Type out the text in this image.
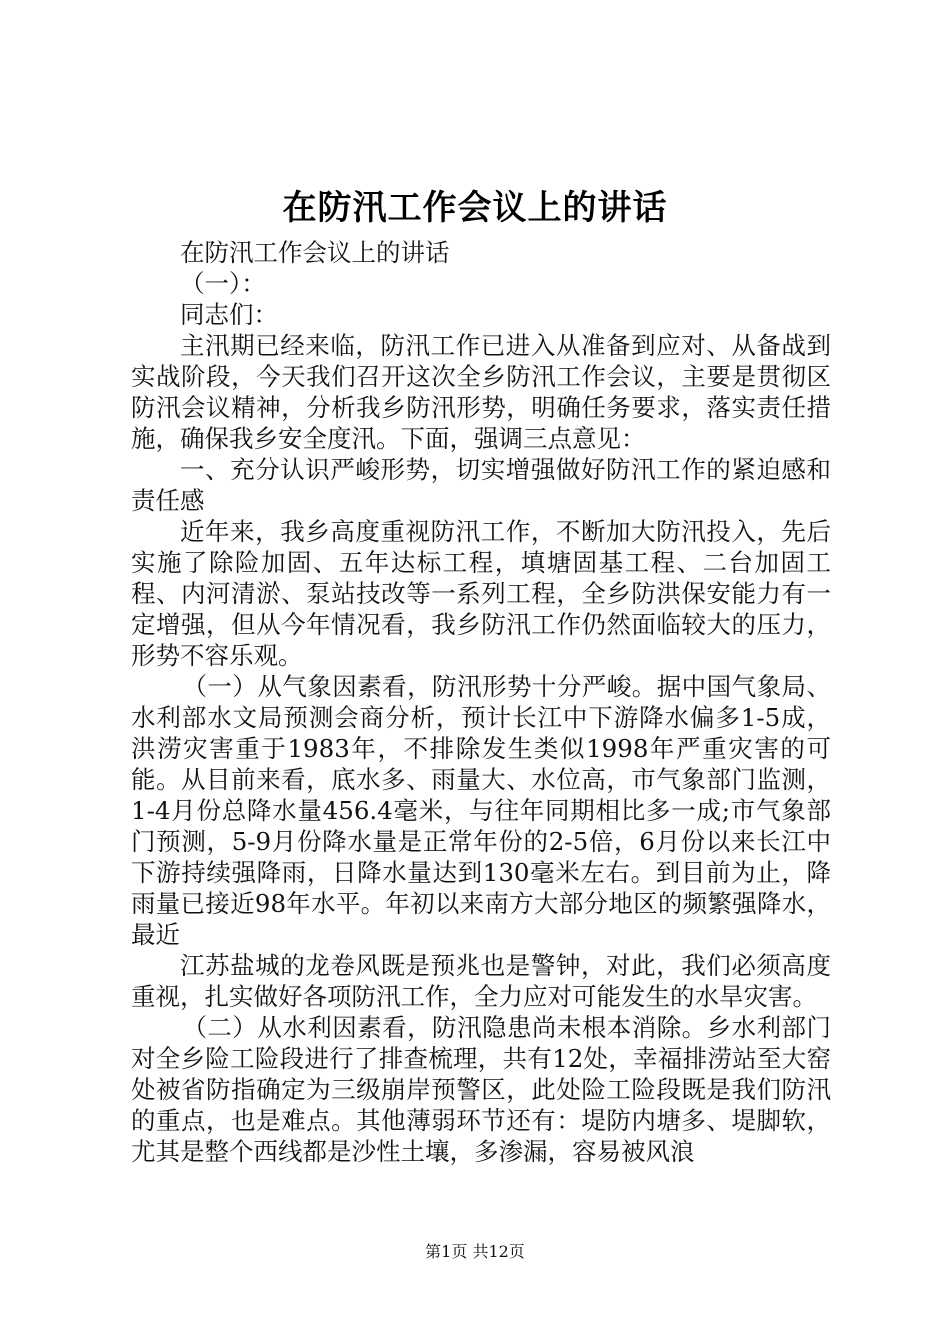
在防汛工作会议上的讲话

在防汛工作会议上的讲话

（一）：

同志们：

主汛期已经来临，防汛工作已进入从准备到应对、从备战到实战阶段，今天我们召开这次全乡防汛工作会议，主要是贯彻区防汛会议精神，分析我乡防汛形势，明确任务要求，落实责任措施，确保我乡安全度汛。下面，强调三点意见：

一、充分认识严峻形势，切实增强做好防汛工作的紧迫感和责任感

近年来，我乡高度重视防汛工作，不断加大防汛投入，先后实施了除险加固、五年达标工程，填塘固基工程、二台加固工程、内河清淤、泵站技改等一系列工程，全乡防洪保安能力有一定增强，但从今年情况看，我乡防汛工作仍然面临较大的压力，形势不容乐观。

（一）从气象因素看，防汛形势十分严峻。据中国气象局、水利部水文局预测会商分析，预计长江中下游降水偏多1-5成，洪涝灾害重于1983年，不排除发生类似1998年严重灾害的可能。从目前来看，底水多、雨量大、水位高，市气象部门监测，1-4月份总降水量456.4毫米，与往年同期相比多一成;市气象部门预测，5-9月份降水量是正常年份的2-5倍，6月份以来长江中下游持续强降雨，日降水量达到130毫米左右。到目前为止，降雨量已接近98年水平。年初以来南方大部分地区的频繁强降水，最近

江苏盐城的龙卷风既是预兆也是警钟，对此，我们必须高度重视，扎实做好各项防汛工作，全力应对可能发生的水旱灾害。

（二）从水利因素看，防汛隐患尚未根本消除。乡水利部门对全乡险工险段进行了排查梳理，共有12处，幸福排涝站至大窑处被省防指确定为三级崩岸预警区，此处险工险段既是我们防汛的重点，也是难点。其他薄弱环节还有：堤防内塘多、堤脚软，尤其是整个西线都是沙性土壤，多渗漏，容易被风浪

第1页 共12页
